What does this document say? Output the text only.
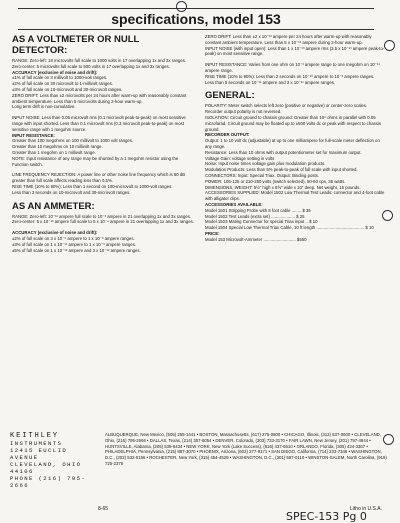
specifications, model 153
AS A VOLTMETER OR NULL DETECTOR:

RANGE: Zero-left: 18 microvolts full scale to 1000 volts in 17 overlapping 1x and 3x ranges.

Zero-center: 5 microvolts full scale to 500 volts in 17 overlapping 1x and 3x ranges.

ACCURACY (exclusive of noise and drift):

±1% of full scale on 3 millivolt to 1000-volt ranges.

±2% of full scale on 30 microvolt to 1-millivolt ranges.

±3% of full scale on 10-microvolt and 30-microvolt ranges.

ZERO DRIFT: Less than ±2 microvolts per 24 hours after warm-up with reasonably constant ambient temperature. Less than 5 microvolts during 2-hour warm-up.

Long term drift is non-cumulative.

INPUT NOISE: Less than 0.05 microvolt rms (0.1 microvolt peak-to-peak) on most sensitive range with input shorted. Less than 0.1 microvolt rms (0.3 microvolt peak-to-peak) on most sensitive range with 1 megohm source.

INPUT RESISTANCE:

Greater than 100 megohms on 100 millivolt to 1000 volt ranges.

Greater than 10 megohms on 10 millivolt range.

Greater than 1 megohm on 1 millivolt range.

NOTE: Input resistance of any range may be shunted by a 1 megohm resistor using the Function switch.

LINE FREQUENCY REJECTION: A power line or other noise line frequency which is 60 dB greater than full scale affects reading less than 0.5%.

RISE TIME (10% to 90%): Less than 1 second on 100-microvolt to 1000-volt ranges.

Less than 3 seconds on 10-microvolt and 30-microvolt ranges.

AS AN AMMETER:

RANGE: Zero-left: 10⁻¹² ampere full scale to 10⁻³ ampere in 21 overlapping 1x and 3x ranges.

Zero-center: 5 x 10⁻¹³ ampere full scale to 5 x 10⁻⁴ ampere in 21 overlapping 1x and 3x ranges.

ACCURACY (exclusive of noise and drift):

±2% of full scale on 3 x 10⁻⁹ ampere to 1 x 10⁻³ ampere ranges.

±3% of full scale on 1 x 10⁻¹¹ ampere to 1 x 10⁻⁹ ampere ranges.

±5% of full scale on 1 x 10⁻¹² ampere and 3 x 10⁻¹² ampere ranges.

ZERO DRIFT: Less than ±2 x 10⁻¹³ ampere per 24 hours after warm-up with reasonably constant ambient temperature. Less than 5 x 10⁻¹³ ampere during 2-hour warm-up.

INPUT NOISE (with input open): Less than 1 x 10⁻¹³ ampere rms (3.5 x 10⁻¹³ ampere peak-to-peak) on most sensitive range.

INPUT RESISTANCE: Varies from one ohm on 10⁻³ ampere range to one megohm on 10⁻¹¹ ampere range.

RISE TIME (10% to 90%): Less than 2 seconds on 10⁻¹⁰ ampere to 10⁻³ ampere ranges.

Less than 5 seconds on 10⁻¹¹ ampere and 3 x 10⁻¹¹ ampere ranges.

GENERAL:

POLARITY: Meter switch selects left zero (positive or negative) or center-zero scales. Recorder output polarity is not reversed.

ISOLATION: Circuit ground to chassis ground: Greater than 10⁹ ohms in parallel with 0.05 microfarad. Circuit ground may be floated up to ±500 volts dc or peak with respect to chassis ground.

RECORDER OUTPUT:

Output: 1 to 10 volt dc (adjustable) at up to one milliampere for full-scale meter deflection on any range.

Resistance: Less than 10 ohms with output potentiometer set for maximum output.

Voltage Gain: voltage setting in volts

Noise: Input noise times voltage gain plus modulation products.

Modulation Products: Less than 5% peak-to-peak of full scale with input shorted.

CONNECTORS: Input: Special Triax. Output: Binding posts.

POWER: 105-125 or 210-250 volts (switch selected), 50-60 cps, 35 watts.

DIMENSIONS, WEIGHT: 5½" high x 8⅝" wide x 10" deep. Net weight, 15 pounds.

ACCESSORIES SUPPLIED: Model 1502 Low Thermal Test Leads: connector and 4-foot cable with alligator clips.

ACCESSORIES AVAILABLE:

Model 1501 Stripping Probe with 8 foot cable ........ $ 35

Model 1502 Test Leads (extra set) .................... $ 25

Model 1503 Mating Connector for special Triax input .. $ 10

Model 1504 Special Low Thermal Triax Cable, 10 ft length ........................................ $ 10

PRICE:

Model 153 Microvolt-Ammeter ........................... $550

KEITHLEY
INSTRUMENTS
12415 EUCLID AVENUE
CLEVELAND, OHIO 44106
PHONE (216) 795-2666
ALBUQUERQUE, New Mexico, (505) 255-1441 • BOSTON, Massachusetts, (617) 275-0800 • CHICAGO, Illinois, (312) 537-0600 • CLEVELAND, Ohio, (216) 795-2666 • DALLAS, Texas, (214) 357-8054 • DENVER, Colorado, (303) 733-3170 • FAIR LAWN, New Jersey, (201) 797-4944 • HUNTSVILLE, Alabama, (205) 539-6434 • NEW YORK, New York (Lake Success), (516) 437-6610 • ORLANDO, Florida, (305) 424-3367 • PHILADELPHIA, Pennsylvania, (215) 887-3070 • PHOENIX, Arizona, (602) 277-9171 • SAN DIEGO, California, (714) 233-7346 • WASHINGTON, D.C., (202) 532-0156 • ROCHESTER, New York, (315) 454-4529 • WASHINGTON, D.C., (301) 587-0110 • WINSTON-SALEM, North Carolina, (919) 725-2376
8-65
SPEC-153 Pg 0
Litho in U.S.A.
